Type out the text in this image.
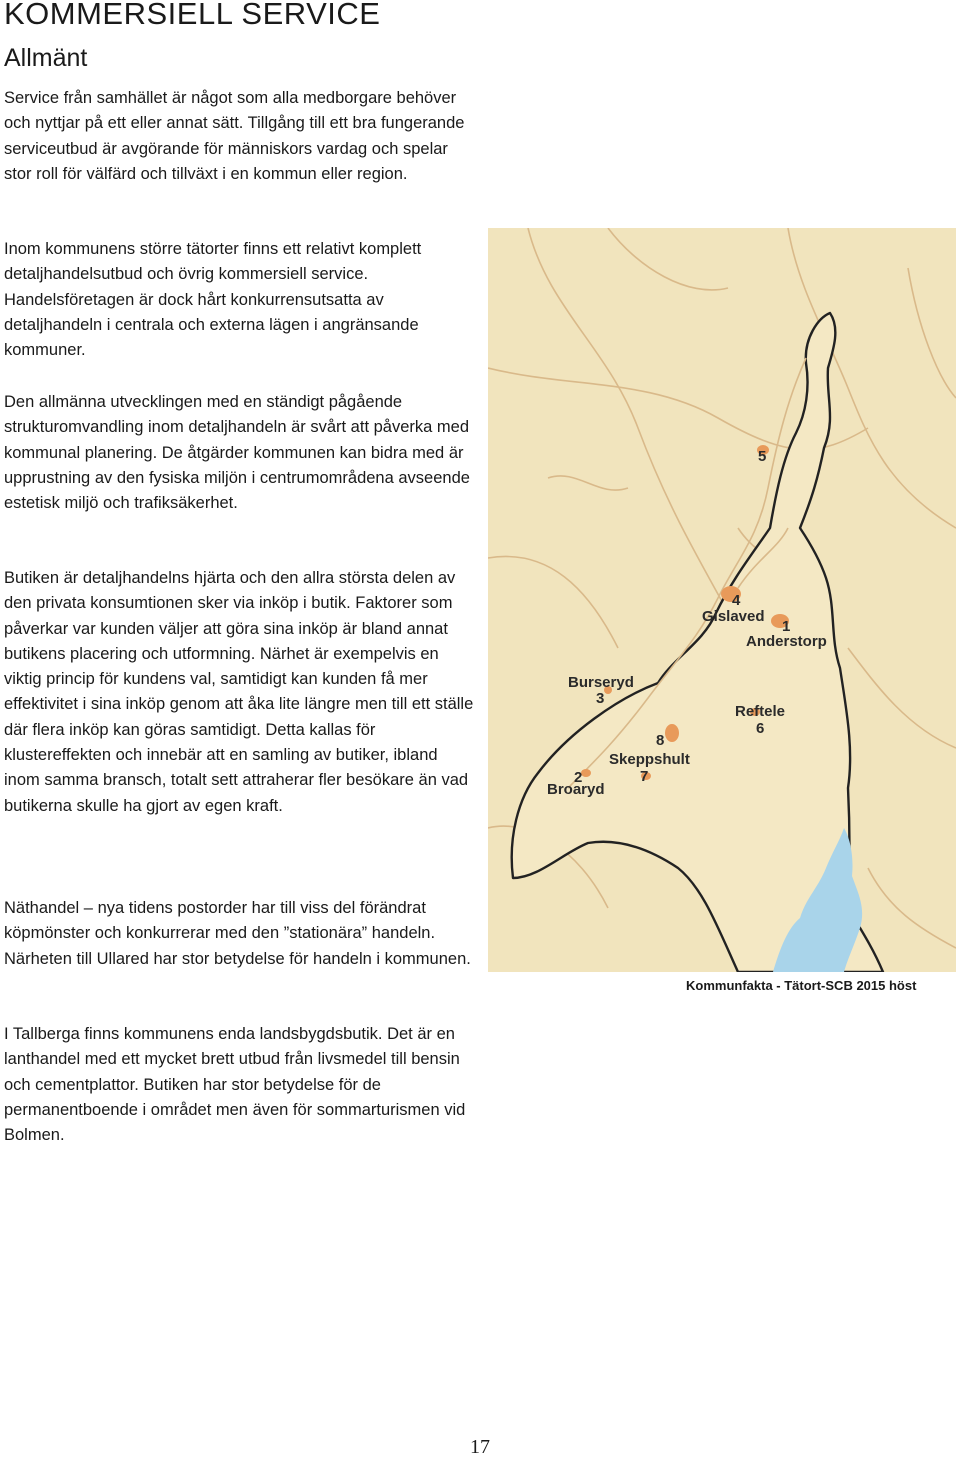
KOMMERSIELL SERVICE
Allmänt

Service från samhället är något som alla medborgare behöver och nyttjar på ett eller annat sätt. Tillgång till ett bra fungerande serviceutbud är avgörande för människors vardag och spelar stor roll för välfärd och tillväxt i en kommun eller region.

Inom kommunens större tätorter finns ett relativt komplett detaljhandelsutbud och övrig kommersiell service. Handelsföretagen är dock hårt konkurrensutsatta av detaljhandeln i centrala och externa lägen i angränsande kommuner.

Den allmänna utvecklingen med en ständigt pågående strukturomvandling inom detaljhandeln är svårt att påverka med kommunal planering. De åtgärder kommunen kan bidra med är upprustning av den fysiska miljön i centrumområdena avseende estetisk miljö och trafiksäkerhet.

Butiken är detaljhandelns hjärta och den allra största delen av den privata konsumtionen sker via inköp i butik. Faktorer som påverkar var kunden väljer att göra sina inköp är bland annat butikens placering och utformning. Närhet är exempelvis en viktig princip för kundens val, samtidigt kan kunden få mer effektivitet i sina inköp genom att åka lite längre men till ett ställe där flera inköp kan göras samtidigt. Detta kallas för klustereffekten och innebär att en samling av butiker, ibland inom samma bransch, totalt sett attraherar fler besökare än vad butikerna skulle ha gjort av egen kraft.

Näthandel – nya tidens postorder har till viss del förändrat köpmönster och konkurrerar med den ”stationära” handeln. Närheten till Ullared har stor betydelse för handeln i kommunen.

I Tallberga finns kommunens enda landsbygdsbutik. Det är en lanthandel med ett mycket brett utbud från livsmedel till bensin och cementplattor. Butiken har stor betydelse för de permanentboende i området men även för sommarturismen vid Bolmen.

5
4
1
3
6
8
7
2
Gislaved
Anderstorp
Burseryd
Reftele
Skeppshult
Broaryd

Kommunfakta - Tätort-SCB 2015 höst

17
